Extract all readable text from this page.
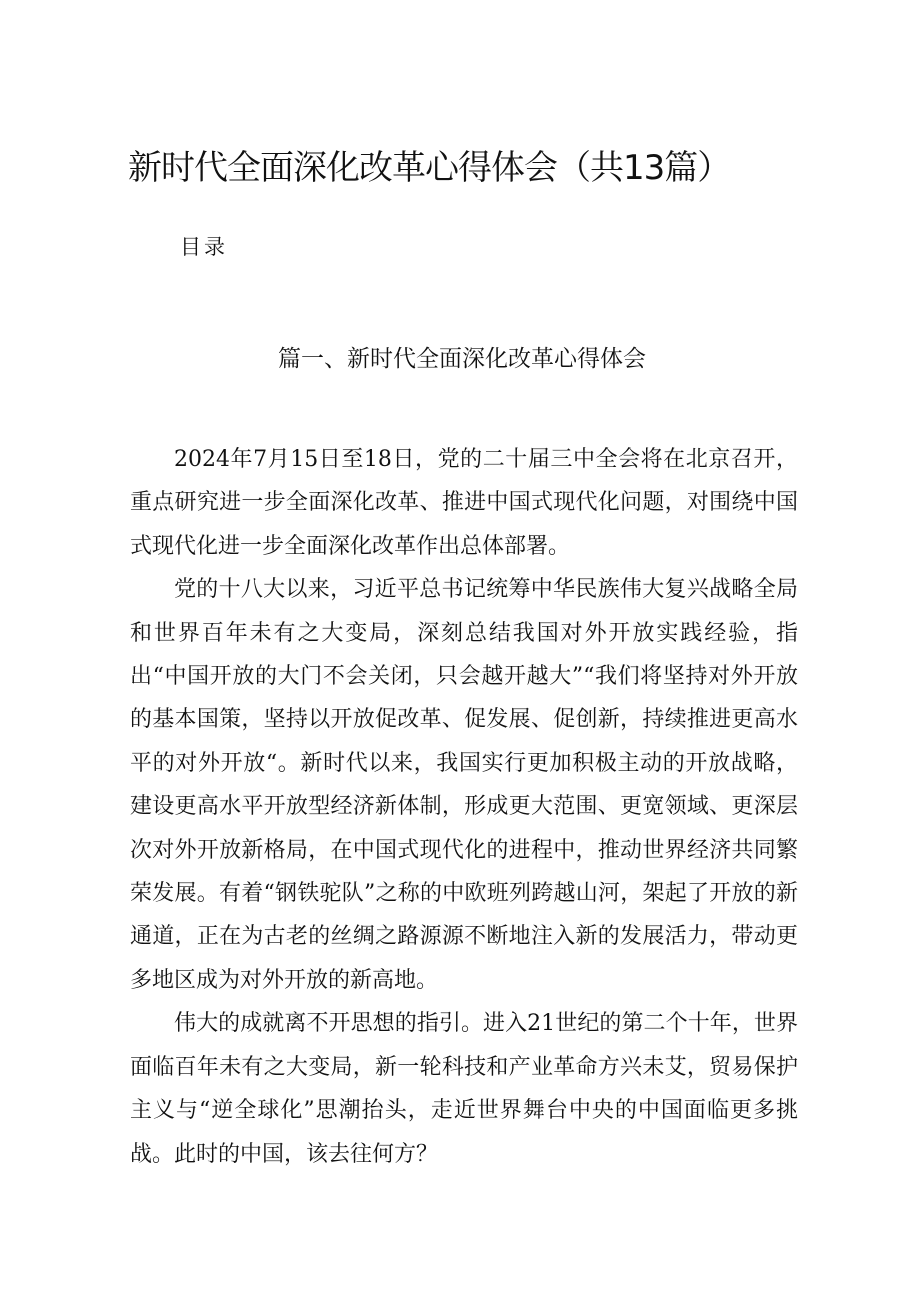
新时代全面深化改革心得体会（共13篇）

目录

篇一、新时代全面深化改革心得体会

2024年7月15日至18日，党的二十届三中全会将在北京召开，重点研究进一步全面深化改革、推进中国式现代化问题，对围绕中国式现代化进一步全面深化改革作出总体部署。

党的十八大以来，习近平总书记统筹中华民族伟大复兴战略全局和世界百年未有之大变局，深刻总结我国对外开放实践经验，指出“中国开放的大门不会关闭，只会越开越大”“我们将坚持对外开放的基本国策，坚持以开放促改革、促发展、促创新，持续推进更高水平的对外开放“。新时代以来，我国实行更加积极主动的开放战略，建设更高水平开放型经济新体制，形成更大范围、更宽领域、更深层次对外开放新格局，在中国式现代化的进程中，推动世界经济共同繁荣发展。有着“钢铁驼队”之称的中欧班列跨越山河，架起了开放的新通道，正在为古老的丝绸之路源源不断地注入新的发展活力，带动更多地区成为对外开放的新高地。

伟大的成就离不开思想的指引。进入21世纪的第二个十年，世界面临百年未有之大变局，新一轮科技和产业革命方兴未艾，贸易保护主义与“逆全球化”思潮抬头，走近世界舞台中央的中国面临更多挑战。此时的中国，该去往何方？
